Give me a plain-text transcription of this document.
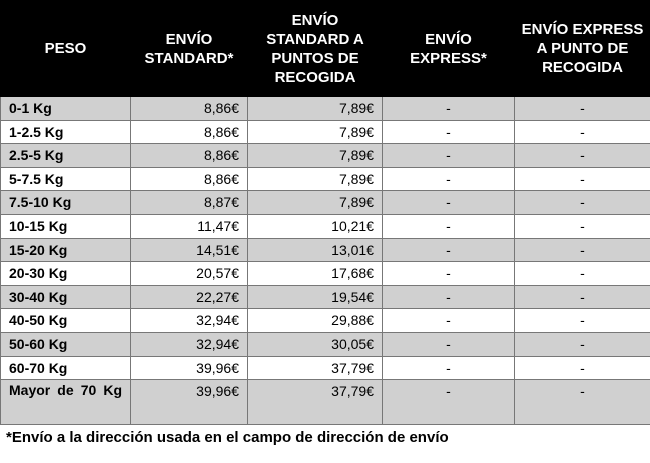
PESO	ENVÍO STANDARD*	ENVÍO STANDARD A PUNTOS DE RECOGIDA	ENVÍO EXPRESS*	ENVÍO EXPRESS A PUNTO DE RECOGIDA
0-1 Kg	8,86€	7,89€	-	-
1-2.5 Kg	8,86€	7,89€	-	-
2.5-5 Kg	8,86€	7,89€	-	-
5-7.5 Kg	8,86€	7,89€	-	-
7.5-10 Kg	8,87€	7,89€	-	-
10-15 Kg	11,47€	10,21€	-	-
15-20 Kg	14,51€	13,01€	-	-
20-30 Kg	20,57€	17,68€	-	-
30-40 Kg	22,27€	19,54€	-	-
40-50 Kg	32,94€	29,88€	-	-
50-60 Kg	32,94€	30,05€	-	-
60-70 Kg	39,96€	37,79€	-	-
Mayor de 70 Kg	39,96€	37,79€	-	-
*Envío a la dirección usada en el campo de dirección de envío
